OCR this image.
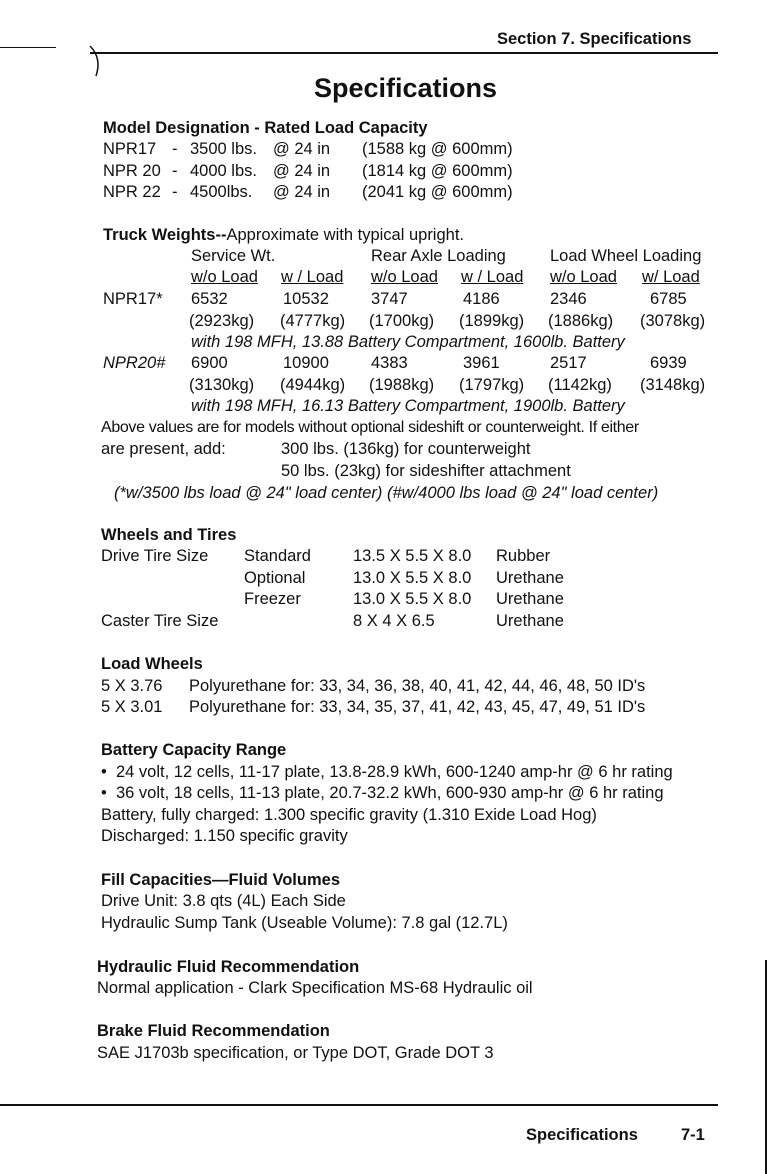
Section 7. Specifications
Specifications
Model Designation - Rated Load Capacity
NPR17 - 3500 lbs. @ 24 in (1588 kg @ 600mm)
NPR 20 - 4000 lbs. @ 24 in (1814 kg @ 600mm)
NPR 22 - 4500lbs. @ 24 in (2041 kg @ 600mm)
Truck Weights--Approximate with typical upright.
Service Wt.	Rear Axle Loading	Load Wheel Loading
w/o Load w / Load w/o Load w / Load w/o Load w/ Load
NPR17* 6532	10532	3747	4186	2346	6785
(2923kg) (4777kg) (1700kg) (1899kg) (1886kg) (3078kg)
with 198 MFH, 13.88 Battery Compartment, 1600lb. Battery
NPR20# 6900	10900	4383	3961	2517	6939
(3130kg) (4944kg) (1988kg) (1797kg) (1142kg) (3148kg)
with 198 MFH, 16.13 Battery Compartment, 1900lb. Battery
Above values are for models without optional sideshift or counterweight. If either
are present, add:	300 lbs. (136kg) for counterweight
50 lbs. (23kg) for sideshifter attachment
(*w/3500 lbs load @ 24" load center) (#w/4000 lbs load @ 24" load center)
Wheels and Tires
Drive Tire Size Standard	13.5 X 5.5 X 8.0 Rubber
Optional	13.0 X 5.5 X 8.0 Urethane
Freezer	13.0 X 5.5 X 8.0 Urethane
Caster Tire Size	8 X 4 X 6.5	Urethane
Load Wheels
5 X 3.76 Polyurethane for: 33, 34, 36, 38, 40, 41, 42, 44, 46, 48, 50 ID's
5 X 3.01 Polyurethane for: 33, 34, 35, 37, 41, 42, 43, 45, 47, 49, 51 ID's
Battery Capacity Range
• 24 volt, 12 cells, 11-17 plate, 13.8-28.9 kWh, 600-1240 amp-hr @ 6 hr rating
• 36 volt, 18 cells, 11-13 plate, 20.7-32.2 kWh, 600-930 amp-hr @ 6 hr rating
Battery, fully charged: 1.300 specific gravity (1.310 Exide Load Hog)
Discharged: 1.150 specific gravity
Fill Capacities—Fluid Volumes
Drive Unit: 3.8 qts (4L) Each Side
Hydraulic Sump Tank (Useable Volume): 7.8 gal (12.7L)
Hydraulic Fluid Recommendation
Normal application - Clark Specification MS-68 Hydraulic oil
Brake Fluid Recommendation
SAE J1703b specification, or Type DOT, Grade DOT 3
Specifications	7-1
